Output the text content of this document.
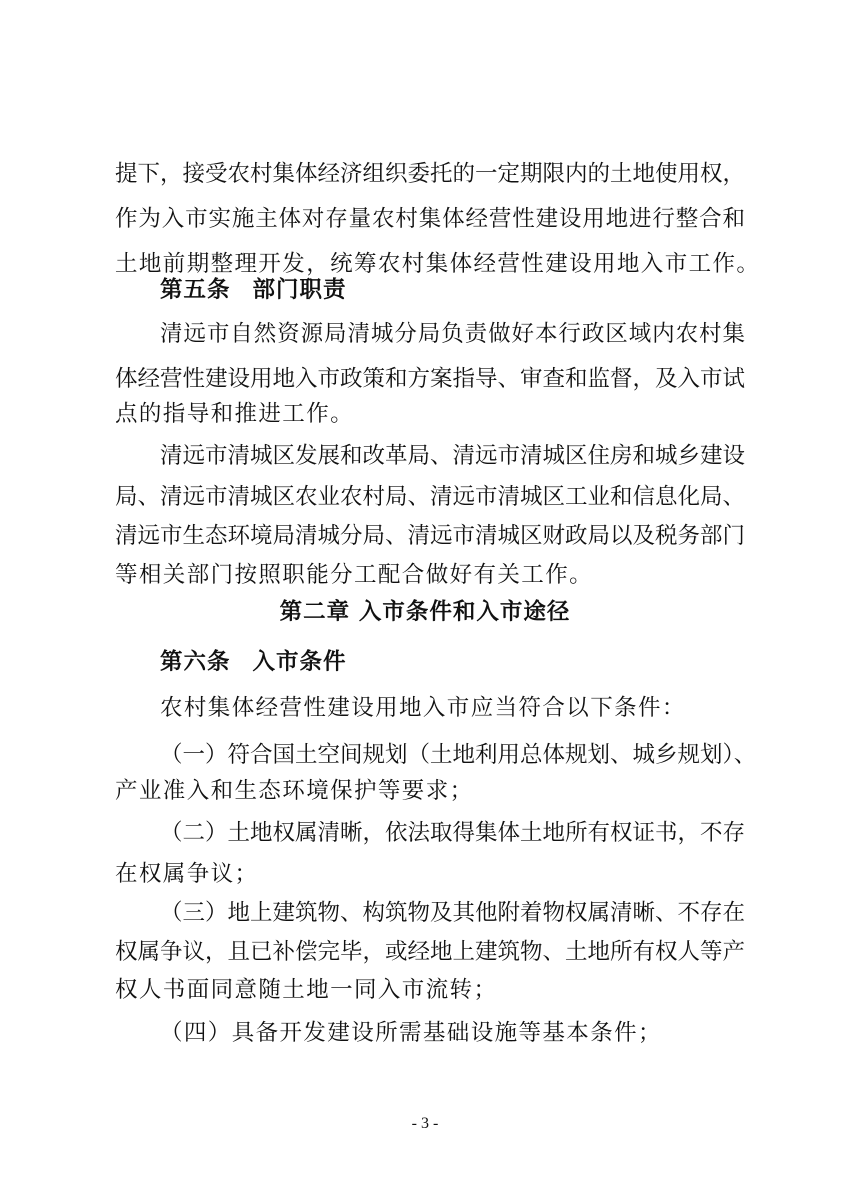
提下，接受农村集体经济组织委托的一定期限内的土地使用权，
作为入市实施主体对存量农村集体经营性建设用地进行整合和
土地前期整理开发，统筹农村集体经营性建设用地入市工作。
第五条 部门职责
清远市自然资源局清城分局负责做好本行政区域内农村集
体经营性建设用地入市政策和方案指导、审查和监督，及入市试
点的指导和推进工作。
清远市清城区发展和改革局、清远市清城区住房和城乡建设
局、清远市清城区农业农村局、清远市清城区工业和信息化局、
清远市生态环境局清城分局、清远市清城区财政局以及税务部门
等相关部门按照职能分工配合做好有关工作。
第二章 入市条件和入市途径
第六条 入市条件
农村集体经营性建设用地入市应当符合以下条件：
（一）符合国土空间规划（土地利用总体规划、城乡规划）、
产业准入和生态环境保护等要求；
（二）土地权属清晰，依法取得集体土地所有权证书，不存
在权属争议；
（三）地上建筑物、构筑物及其他附着物权属清晰、不存在
权属争议，且已补偿完毕，或经地上建筑物、土地所有权人等产
权人书面同意随土地一同入市流转；
（四）具备开发建设所需基础设施等基本条件；
- 3 -
